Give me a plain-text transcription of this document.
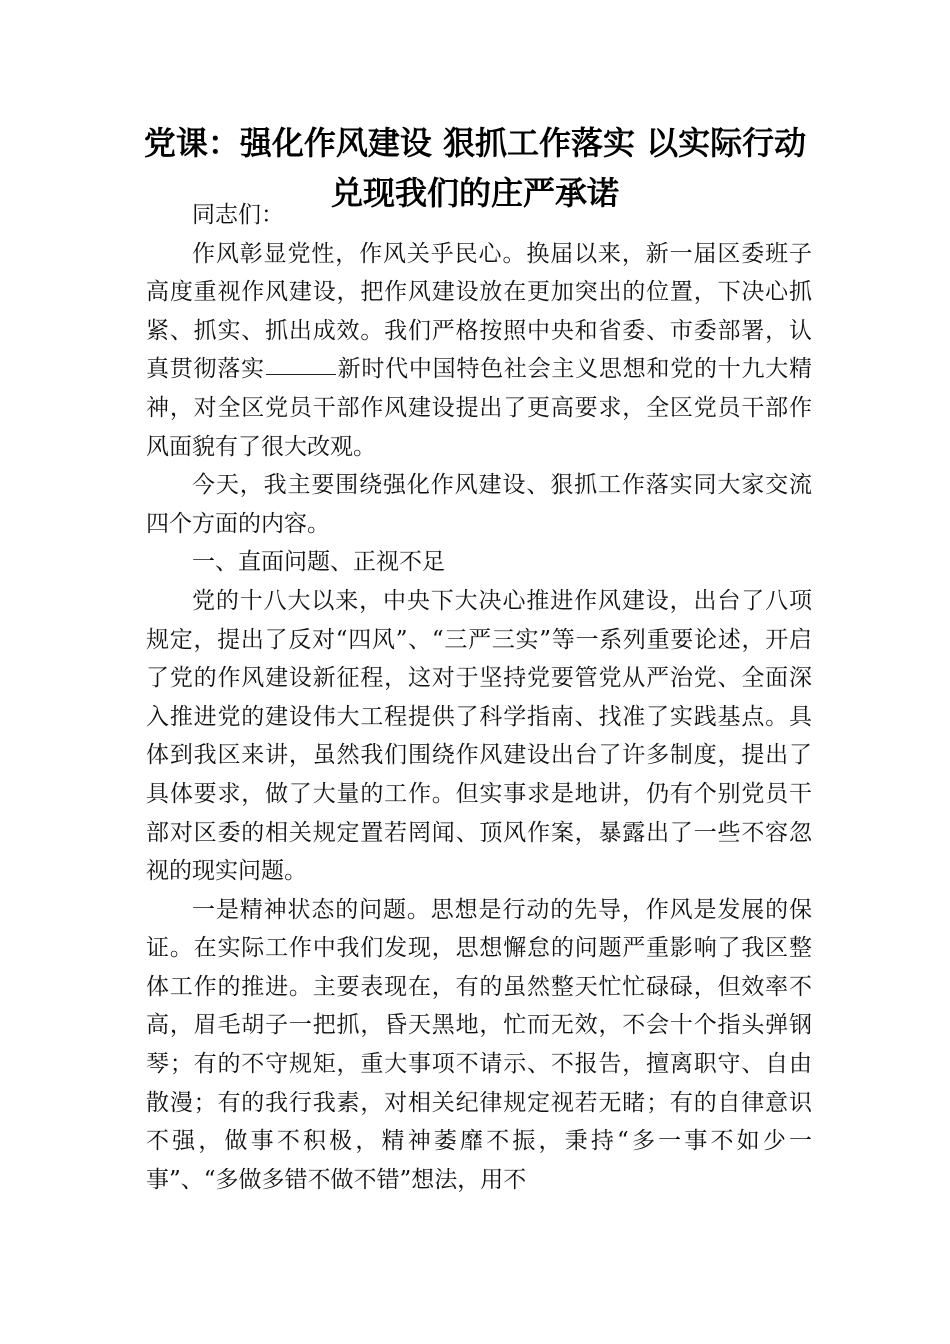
党课：强化作风建设 狠抓工作落实 以实际行动兑现我们的庄严承诺

同志们：

作风彰显党性，作风关乎民心。换届以来，新一届区委班子高度重视作风建设，把作风建设放在更加突出的位置，下决心抓紧、抓实、抓出成效。我们严格按照中央和省委、市委部署，认真贯彻落实	新时代中国特色社会主义思想和党的十九大精神，对全区党员干部作风建设提出了更高要求，全区党员干部作风面貌有了很大改观。

今天，我主要围绕强化作风建设、狠抓工作落实同大家交流四个方面的内容。

一、直面问题、正视不足

党的十八大以来，中央下大决心推进作风建设，出台了八项规定，提出了反对“四风”、“三严三实”等一系列重要论述，开启了党的作风建设新征程，这对于坚持党要管党从严治党、全面深入推进党的建设伟大工程提供了科学指南、找准了实践基点。具体到我区来讲，虽然我们围绕作风建设出台了许多制度，提出了具体要求，做了大量的工作。但实事求是地讲，仍有个别党员干部对区委的相关规定置若罔闻、顶风作案，暴露出了一些不容忽视的现实问题。

一是精神状态的问题。思想是行动的先导，作风是发展的保证。在实际工作中我们发现，思想懈怠的问题严重影响了我区整体工作的推进。主要表现在，有的虽然整天忙忙碌碌，但效率不高，眉毛胡子一把抓，昏天黑地，忙而无效，不会十个指头弹钢琴；有的不守规矩，重大事项不请示、不报告，擅离职守、自由散漫；有的我行我素，对相关纪律规定视若无睹；有的自律意识不强，做事不积极，精神萎靡不振，秉持“多一事不如少一事”、“多做多错不做不错”想法，用不
